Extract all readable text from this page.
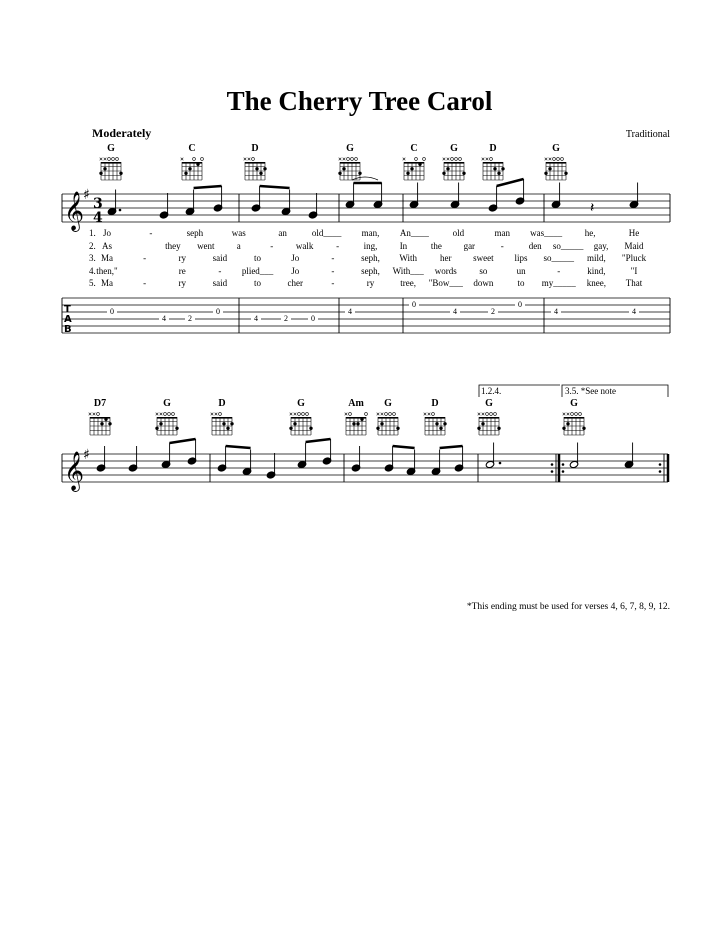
The Cherry Tree Carol
Moderately	Traditional
𝄞
♯
3
4
𝄽
T
A
B
𝄞
♯
G	C	D	G	C	G	D	G
1. Jo	-	seph	was	an	old____	man,	An____	old	man	was____	he,	He
2. As	they	went	a	-	walk	-	ing,	In	the	gar	-	den	so_____	gay,	Maid
3. Ma	-	ry	said	to	Jo	-	seph,	With	her	sweet	lips	so_____	mild,	"Pluck
4. then,"	re	-	plied___	Jo	-	seph,	With___	words	so	un	-	kind,	"I
5. Ma	-	ry	said	to	cher	-	ry	tree,	"Bow___	down	to	my_____	knee,	That
0
4	2
0
4	2	0
4
0
4	2
0
4	4
D7	G	D	G	Am	G	D	G	G
1.2.4.	3.5. *See note
*This ending must be used for verses 4, 6, 7, 8, 9, 12.
